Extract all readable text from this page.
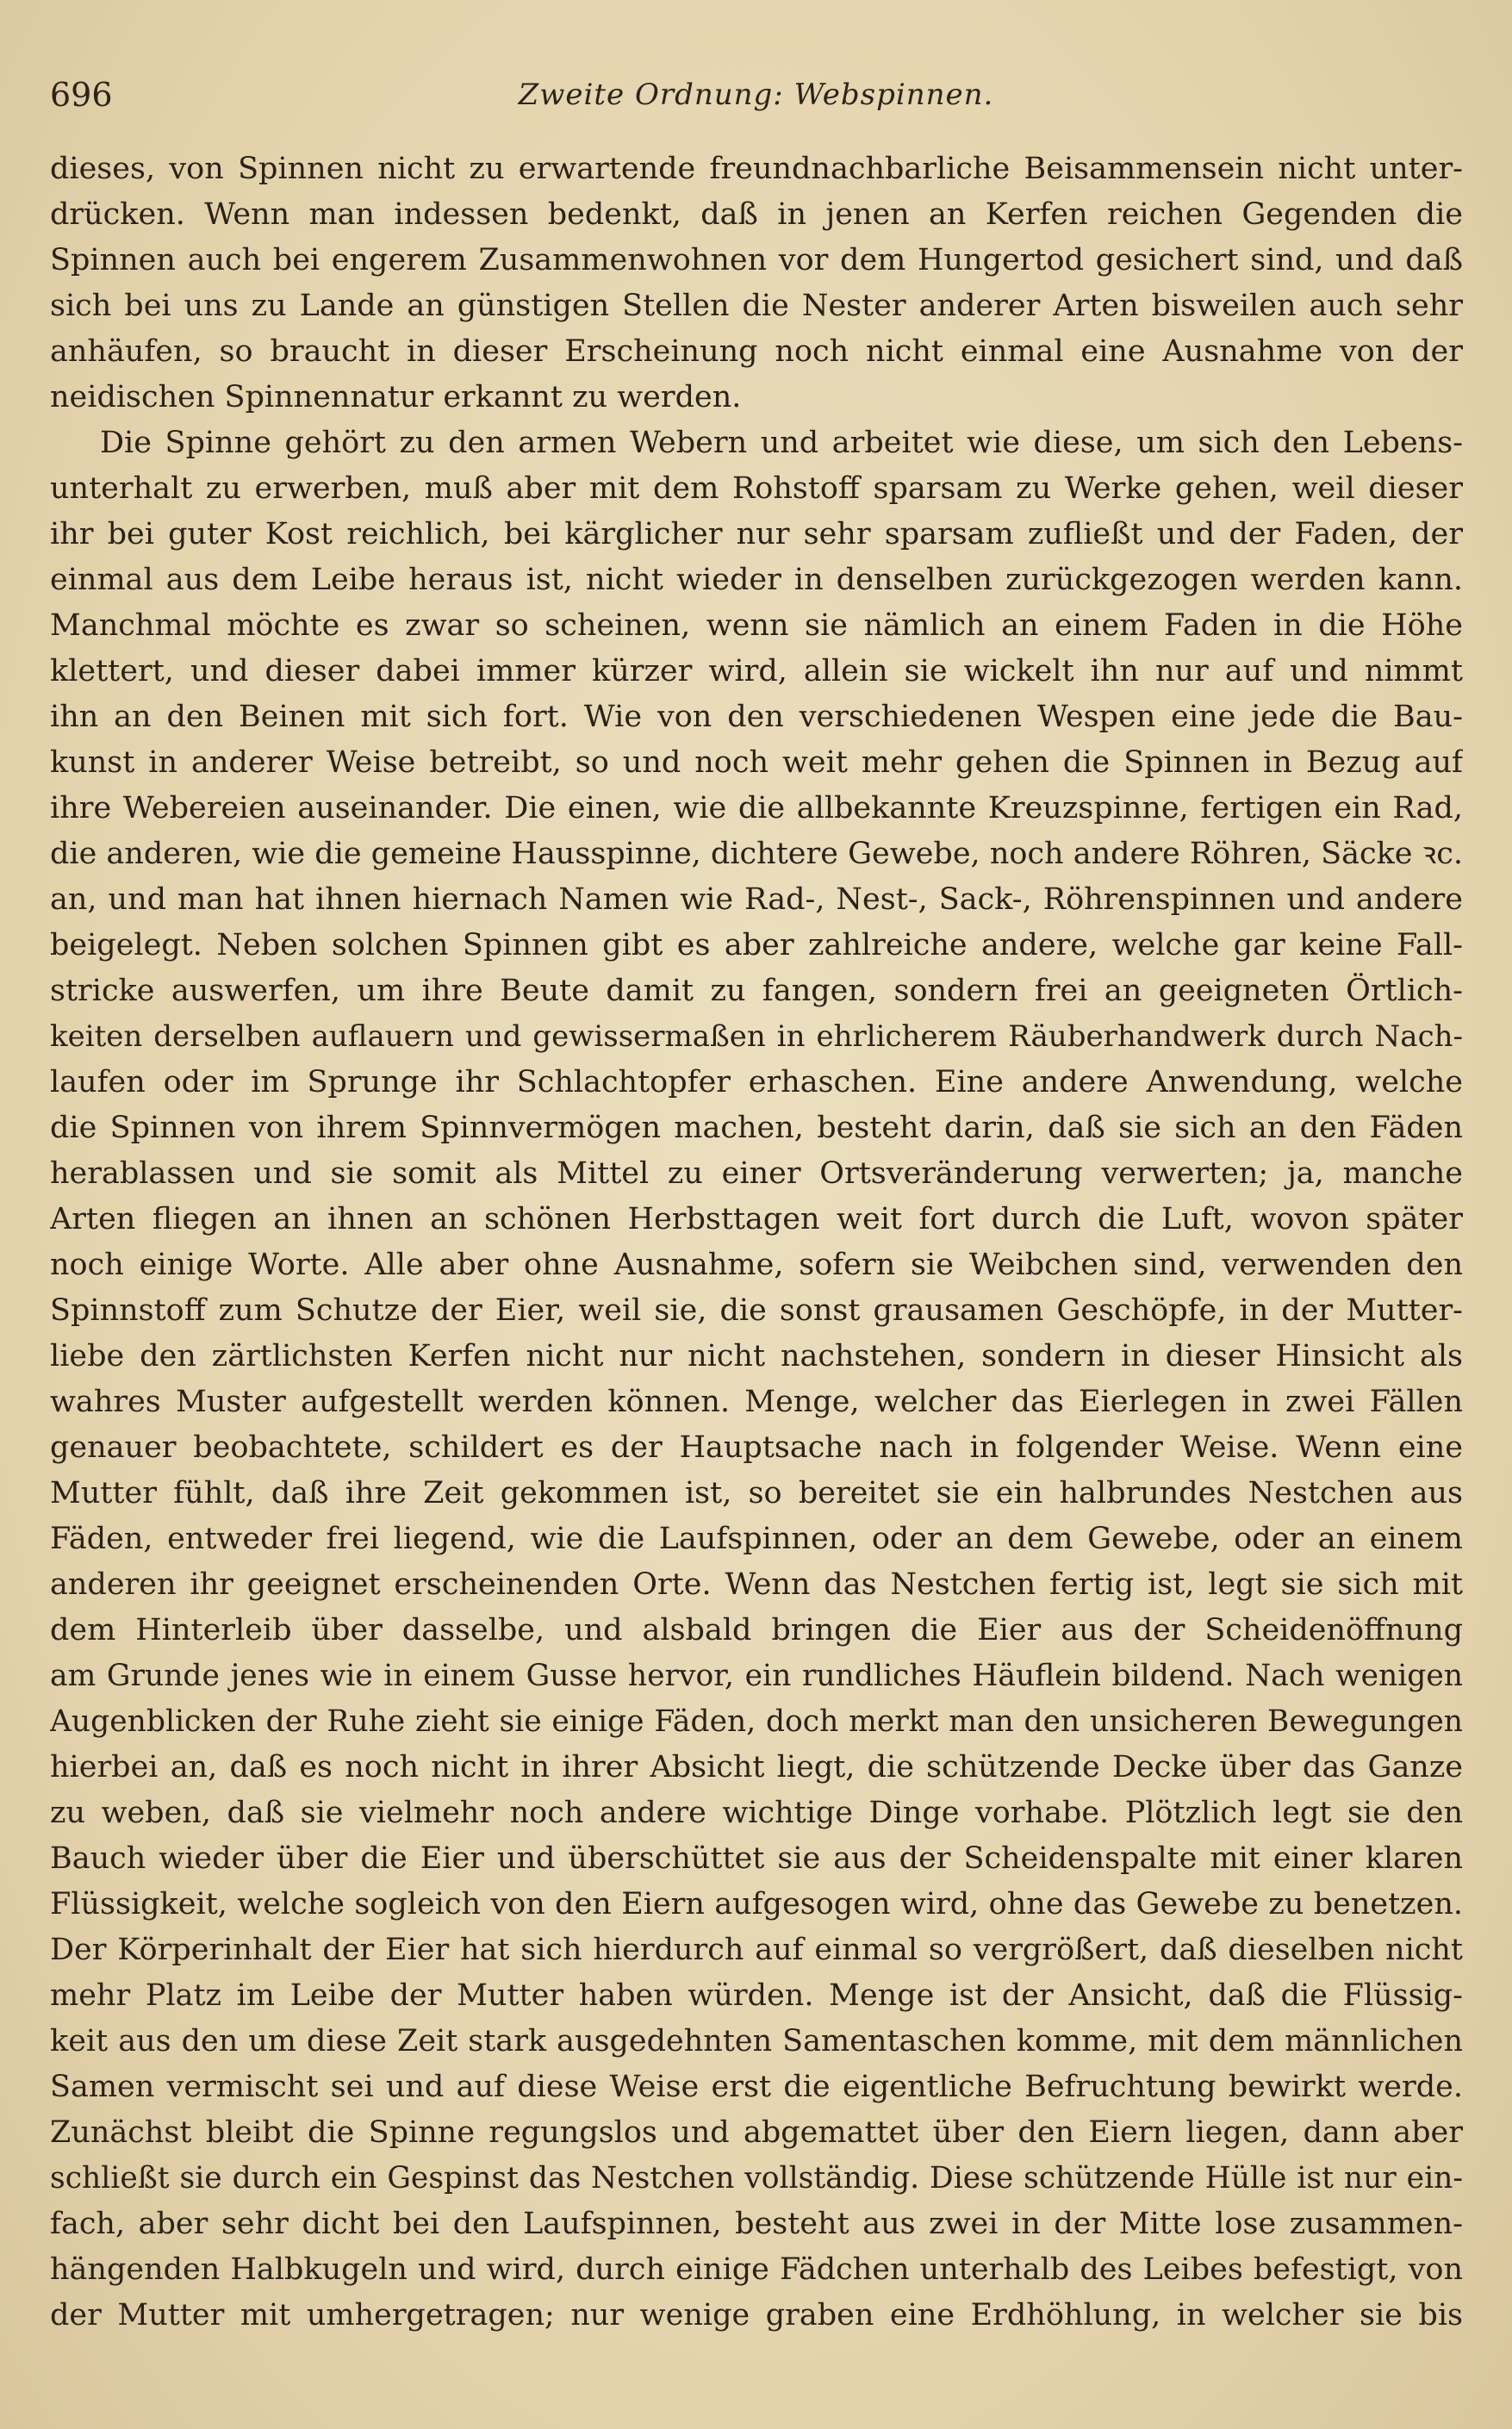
696	Zweite Ordnung: Webspinnen.
dieses, von Spinnen nicht zu erwartende freundnachbarliche Beisammensein nicht unter-
drücken. Wenn man indessen bedenkt, daß in jenen an Kerfen reichen Gegenden die
Spinnen auch bei engerem Zusammenwohnen vor dem Hungertod gesichert sind, und daß
sich bei uns zu Lande an günstigen Stellen die Nester anderer Arten bisweilen auch sehr
anhäufen, so braucht in dieser Erscheinung noch nicht einmal eine Ausnahme von der
neidischen Spinnennatur erkannt zu werden.
Die Spinne gehört zu den armen Webern und arbeitet wie diese, um sich den Lebens-
unterhalt zu erwerben, muß aber mit dem Rohstoff sparsam zu Werke gehen, weil dieser
ihr bei guter Kost reichlich, bei kärglicher nur sehr sparsam zufließt und der Faden, der
einmal aus dem Leibe heraus ist, nicht wieder in denselben zurückgezogen werden kann.
Manchmal möchte es zwar so scheinen, wenn sie nämlich an einem Faden in die Höhe
klettert, und dieser dabei immer kürzer wird, allein sie wickelt ihn nur auf und nimmt
ihn an den Beinen mit sich fort. Wie von den verschiedenen Wespen eine jede die Bau-
kunst in anderer Weise betreibt, so und noch weit mehr gehen die Spinnen in Bezug auf
ihre Webereien auseinander. Die einen, wie die allbekannte Kreuzspinne, fertigen ein Rad,
die anderen, wie die gemeine Hausspinne, dichtere Gewebe, noch andere Röhren, Säcke ꝛc.
an, und man hat ihnen hiernach Namen wie Rad-, Nest-, Sack-, Röhrenspinnen und andere
beigelegt. Neben solchen Spinnen gibt es aber zahlreiche andere, welche gar keine Fall-
stricke auswerfen, um ihre Beute damit zu fangen, sondern frei an geeigneten Örtlich-
keiten derselben auflauern und gewissermaßen in ehrlicherem Räuberhandwerk durch Nach-
laufen oder im Sprunge ihr Schlachtopfer erhaschen. Eine andere Anwendung, welche
die Spinnen von ihrem Spinnvermögen machen, besteht darin, daß sie sich an den Fäden
herablassen und sie somit als Mittel zu einer Ortsveränderung verwerten; ja, manche
Arten fliegen an ihnen an schönen Herbsttagen weit fort durch die Luft, wovon später
noch einige Worte. Alle aber ohne Ausnahme, sofern sie Weibchen sind, verwenden den
Spinnstoff zum Schutze der Eier, weil sie, die sonst grausamen Geschöpfe, in der Mutter-
liebe den zärtlichsten Kerfen nicht nur nicht nachstehen, sondern in dieser Hinsicht als
wahres Muster aufgestellt werden können. Menge, welcher das Eierlegen in zwei Fällen
genauer beobachtete, schildert es der Hauptsache nach in folgender Weise. Wenn eine
Mutter fühlt, daß ihre Zeit gekommen ist, so bereitet sie ein halbrundes Nestchen aus
Fäden, entweder frei liegend, wie die Laufspinnen, oder an dem Gewebe, oder an einem
anderen ihr geeignet erscheinenden Orte. Wenn das Nestchen fertig ist, legt sie sich mit
dem Hinterleib über dasselbe, und alsbald bringen die Eier aus der Scheidenöffnung
am Grunde jenes wie in einem Gusse hervor, ein rundliches Häuflein bildend. Nach wenigen
Augenblicken der Ruhe zieht sie einige Fäden, doch merkt man den unsicheren Bewegungen
hierbei an, daß es noch nicht in ihrer Absicht liegt, die schützende Decke über das Ganze
zu weben, daß sie vielmehr noch andere wichtige Dinge vorhabe. Plötzlich legt sie den
Bauch wieder über die Eier und überschüttet sie aus der Scheidenspalte mit einer klaren
Flüssigkeit, welche sogleich von den Eiern aufgesogen wird, ohne das Gewebe zu benetzen.
Der Körperinhalt der Eier hat sich hierdurch auf einmal so vergrößert, daß dieselben nicht
mehr Platz im Leibe der Mutter haben würden. Menge ist der Ansicht, daß die Flüssig-
keit aus den um diese Zeit stark ausgedehnten Samentaschen komme, mit dem männlichen
Samen vermischt sei und auf diese Weise erst die eigentliche Befruchtung bewirkt werde.
Zunächst bleibt die Spinne regungslos und abgemattet über den Eiern liegen, dann aber
schließt sie durch ein Gespinst das Nestchen vollständig. Diese schützende Hülle ist nur ein-
fach, aber sehr dicht bei den Laufspinnen, besteht aus zwei in der Mitte lose zusammen-
hängenden Halbkugeln und wird, durch einige Fädchen unterhalb des Leibes befestigt, von
der Mutter mit umhergetragen; nur wenige graben eine Erdhöhlung, in welcher sie bis
